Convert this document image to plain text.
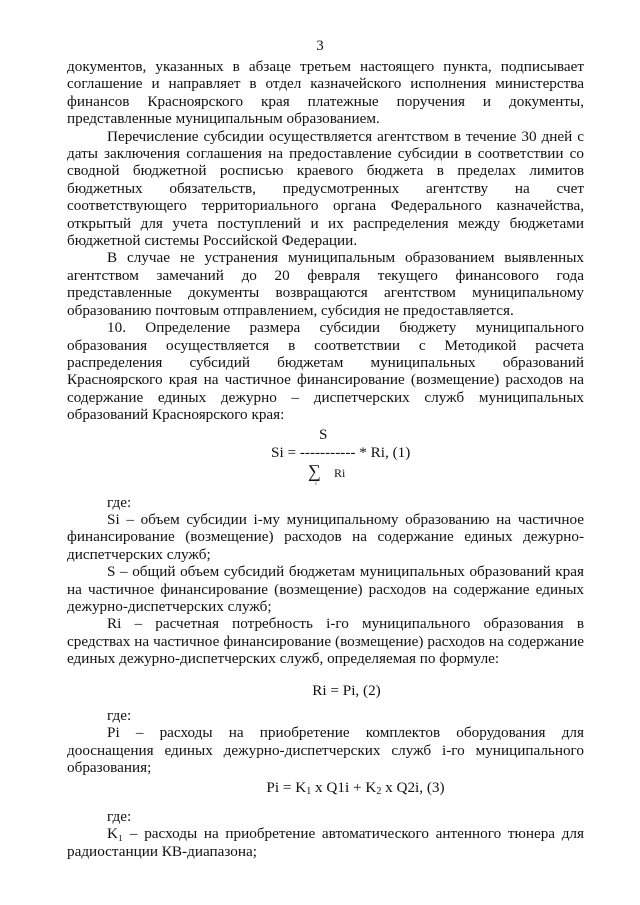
3

документов, указанных в абзаце третьем настоящего пункта, подписывает соглашение и направляет в отдел казначейского исполнения министерства финансов Красноярского края платежные поручения и документы, представленные муниципальным образованием.

Перечисление субсидии осуществляется агентством в течение 30 дней с даты заключения соглашения на предоставление субсидии в соответствии со сводной бюджетной росписью краевого бюджета в пределах лимитов бюджетных обязательств, предусмотренных агентству на счет соответствующего территориального органа Федерального казначейства, открытый для учета поступлений и их распределения между бюджетами бюджетной системы Российской Федерации.

В случае не устранения муниципальным образованием выявленных агентством замечаний до 20 февраля текущего финансового года представленные документы возвращаются агентством муниципальному образованию почтовым отправлением, субсидия не предоставляется.

10. Определение размера субсидии бюджету муниципального образования осуществляется в соответствии с Методикой расчета распределения субсидий бюджетам муниципальных образований Красноярского края на частичное финансирование (возмещение) расходов на содержание единых дежурно – диспетчерских служб муниципальных образований Красноярского края:

S
Si = ----------- * Ri, (1)
∑
i
Ri

где:

Si – объем субсидии i-му муниципальному образованию на частичное финансирование (возмещение) расходов на содержание единых дежурно-диспетчерских служб;

S – общий объем субсидий бюджетам муниципальных образований края на частичное финансирование (возмещение) расходов на содержание единых дежурно-диспетчерских служб;

Ri – расчетная потребность i-го муниципального образования в средствах на частичное финансирование (возмещение) расходов на содержание единых дежурно-диспетчерских служб, определяемая по формуле:

Ri = Pi, (2)

где:

Pi – расходы на приобретение комплектов оборудования для дооснащения единых дежурно-диспетчерских служб i-го муниципального образования;

$Pi = K_1$ x $Q1i + K_2$ x Q2i, (3)

где:

K₁ – расходы на приобретение автоматического антенного тюнера для радиостанции КВ-диапазона;
